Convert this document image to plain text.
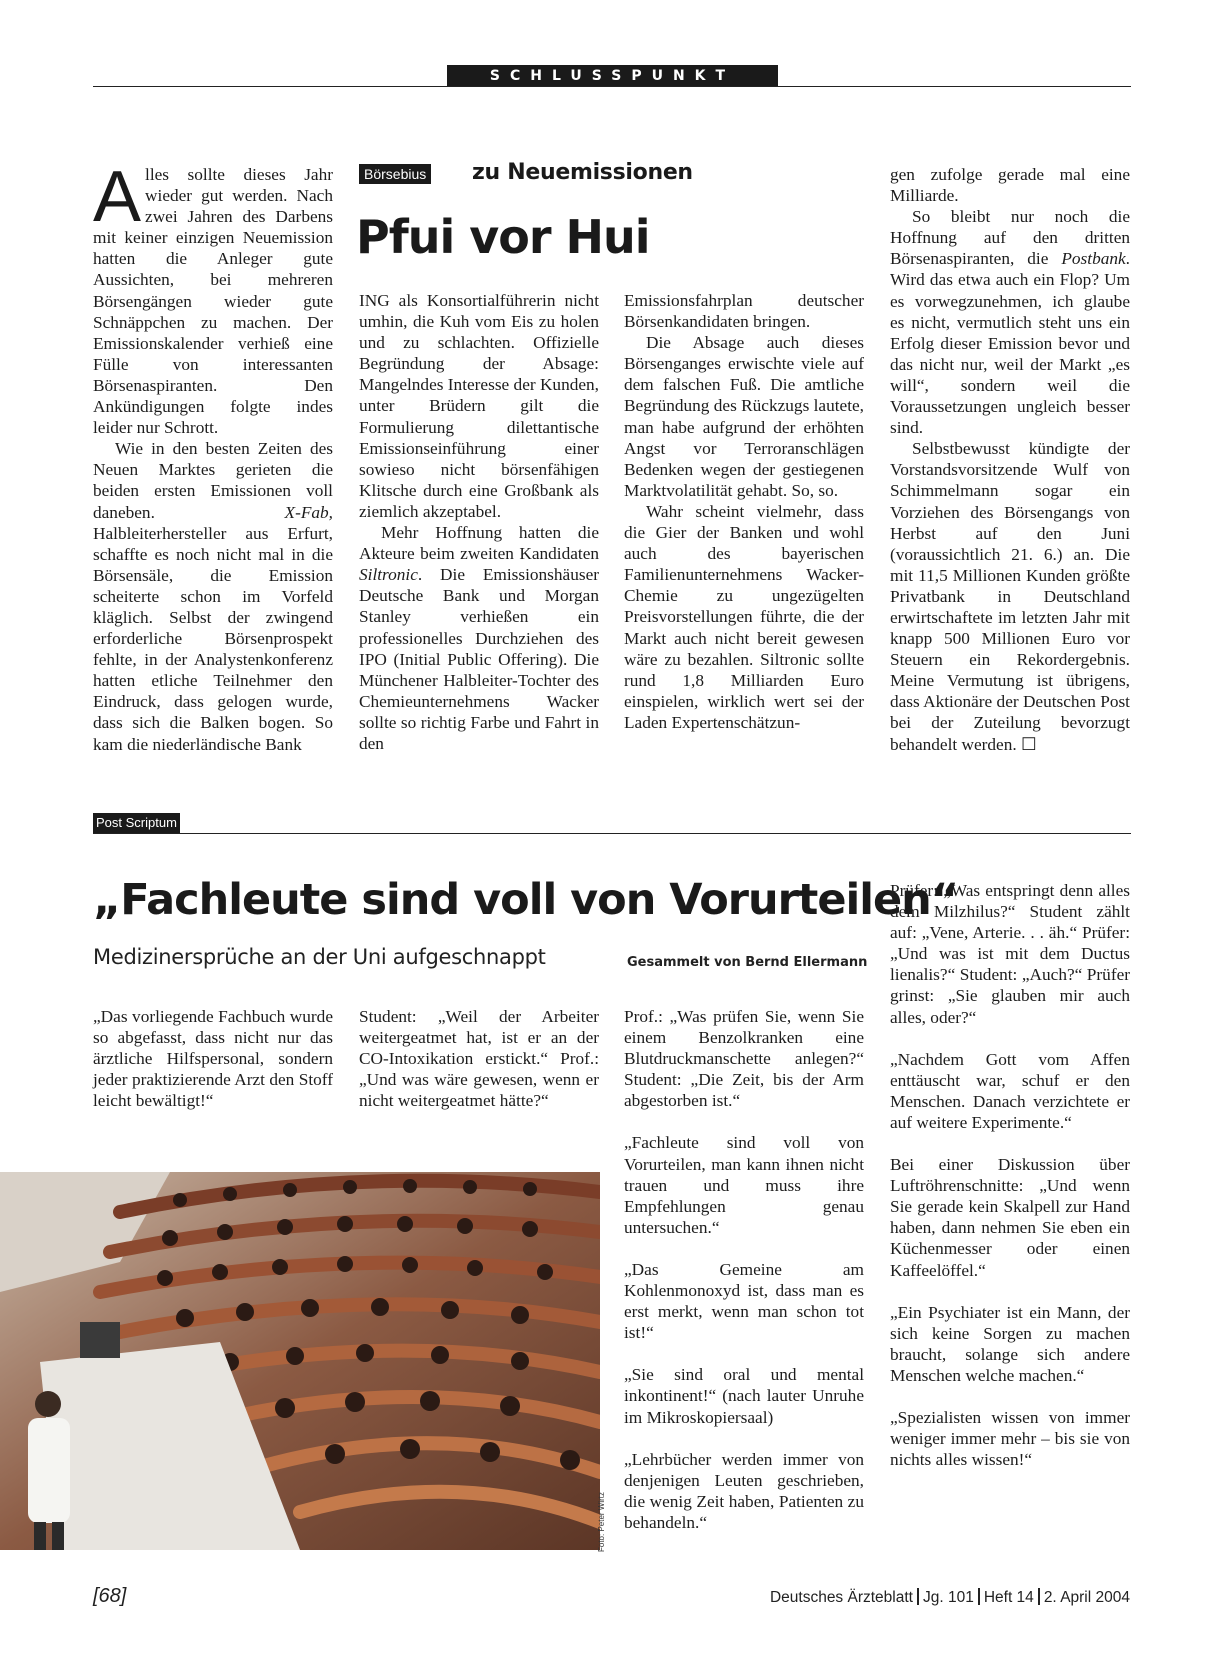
SCHLUSSPUNKT
Börsebius zu Neuemissionen
Pfui vor Hui

Alles sollte dieses Jahr wieder gut werden. Nach zwei Jahren des Darbens mit keiner einzigen Neuemission hatten die Anleger gute Aussichten, bei mehreren Börsengängen wieder gute Schnäppchen zu machen. Der Emissionskalender verhieß eine Fülle von interessanten Börsenaspiranten. Den Ankündigungen folgte indes leider nur Schrott.

Wie in den besten Zeiten des Neuen Marktes gerieten die beiden ersten Emissionen voll daneben. X-Fab, Halbleiterhersteller aus Erfurt, schaffte es noch nicht mal in die Börsensäle, die Emission scheiterte schon im Vorfeld kläglich. Selbst der zwingend erforderliche Börsenprospekt fehlte, in der Analystenkonferenz hatten etliche Teilnehmer den Eindruck, dass gelogen wurde, dass sich die Balken bogen. So kam die niederländische Bank

ING als Konsortialführerin nicht umhin, die Kuh vom Eis zu holen und zu schlachten. Offizielle Begründung der Absage: Mangelndes Interesse der Kunden, unter Brüdern gilt die Formulierung dilettantische Emissionseinführung einer sowieso nicht börsenfähigen Klitsche durch eine Großbank als ziemlich akzeptabel.

Mehr Hoffnung hatten die Akteure beim zweiten Kandidaten Siltronic. Die Emissionshäuser Deutsche Bank und Morgan Stanley verhießen ein professionelles Durchziehen des IPO (Initial Public Offering). Die Münchener Halbleiter-Tochter des Chemieunternehmens Wacker sollte so richtig Farbe und Fahrt in den

Emissionsfahrplan deutscher Börsenkandidaten bringen.

Die Absage auch dieses Börsenganges erwischte viele auf dem falschen Fuß. Die amtliche Begründung des Rückzugs lautete, man habe aufgrund der erhöhten Angst vor Terroranschlägen Bedenken wegen der gestiegenen Marktvolatilität gehabt. So, so.

Wahr scheint vielmehr, dass die Gier der Banken und wohl auch des bayerischen Familienunternehmens Wacker-Chemie zu ungezügelten Preisvorstellungen führte, die der Markt auch nicht bereit gewesen wäre zu bezahlen. Siltronic sollte rund 1,8 Milliarden Euro einspielen, wirklich wert sei der Laden Expertenschätzun-

gen zufolge gerade mal eine Milliarde.

So bleibt nur noch die Hoffnung auf den dritten Börsenaspiranten, die Postbank. Wird das etwa auch ein Flop? Um es vorwegzunehmen, ich glaube es nicht, vermutlich steht uns ein Erfolg dieser Emission bevor und das nicht nur, weil der Markt „es will“, sondern weil die Voraussetzungen ungleich besser sind.

Selbstbewusst kündigte der Vorstandsvorsitzende Wulf von Schimmelmann sogar ein Vorziehen des Börsengangs von Herbst auf den Juni (voraussichtlich 21. 6.) an. Die mit 11,5 Millionen Kunden größte Privatbank in Deutschland erwirtschaftete im letzten Jahr mit knapp 500 Millionen Euro vor Steuern ein Rekordergebnis. Meine Vermutung ist übrigens, dass Aktionäre der Deutschen Post bei der Zuteilung bevorzugt behandelt werden. ☐

Post Scriptum
„Fachleute sind voll von Vorurteilen“
Medizinersprüche an der Uni aufgeschnappt	Gesammelt von Bernd Ellermann

„Das vorliegende Fachbuch wurde so abgefasst, dass nicht nur das ärztliche Hilfspersonal, sondern jeder praktizierende Arzt den Stoff leicht bewältigt!“

Student: „Weil der Arbeiter weitergeatmet hat, ist er an der CO-Intoxikation erstickt.“ Prof.: „Und was wäre gewesen, wenn er nicht weitergeatmet hätte?“

Prof.: „Was prüfen Sie, wenn Sie einem Benzolkranken eine Blutdruckmanschette anlegen?“ Student: „Die Zeit, bis der Arm abgestorben ist.“

„Fachleute sind voll von Vorurteilen, man kann ihnen nicht trauen und muss ihre Empfehlungen genau untersuchen.“

„Das Gemeine am Kohlenmonoxyd ist, dass man es erst merkt, wenn man schon tot ist!“

„Sie sind oral und mental inkontinent!“ (nach lauter Unruhe im Mikroskopiersaal)

„Lehrbücher werden immer von denjenigen Leuten geschrieben, die wenig Zeit haben, Patienten zu behandeln.“

Prüfer: „Was entspringt denn alles dem Milzhilus?“ Student zählt auf: „Vene, Arterie. . . äh.“ Prüfer: „Und was ist mit dem Ductus lienalis?“ Student: „Auch?“ Prüfer grinst: „Sie glauben mir auch alles, oder?“

„Nachdem Gott vom Affen enttäuscht war, schuf er den Menschen. Danach verzichtete er auf weitere Experimente.“

Bei einer Diskussion über Luftröhrenschnitte: „Und wenn Sie gerade kein Skalpell zur Hand haben, dann nehmen Sie eben ein Küchenmesser oder einen Kaffeelöffel.“

„Ein Psychiater ist ein Mann, der sich keine Sorgen zu machen braucht, solange sich andere Menschen welche machen.“

„Spezialisten wissen von immer weniger immer mehr – bis sie von nichts alles wissen!“

Foto: Peter Wirtz
[68]	Deutsches Ärzteblatt Jg. 101 Heft 14 2. April 2004
